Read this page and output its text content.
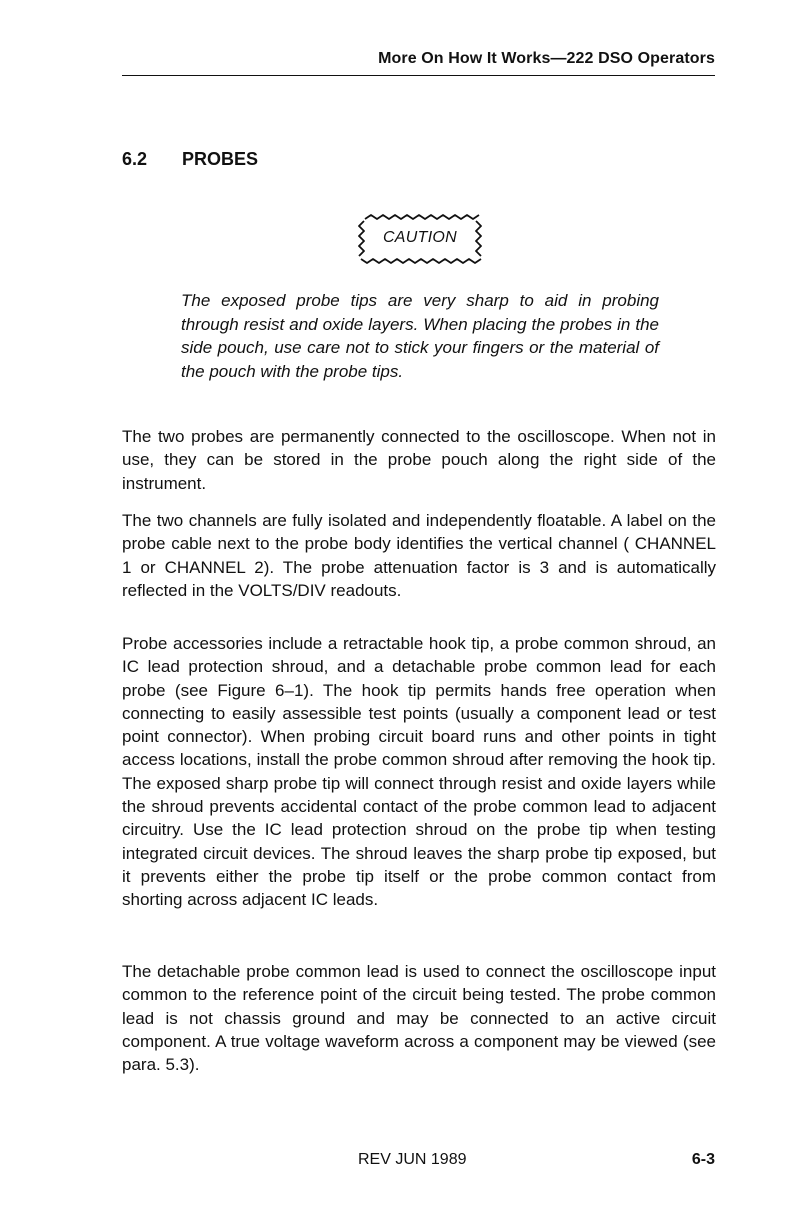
More On How It Works—222 DSO Operators
6.2 PROBES
CAUTION

The exposed probe tips are very sharp to aid in probing through resist and oxide layers. When placing the probes in the side pouch, use care not to stick your fingers or the material of the pouch with the probe tips.

The two probes are permanently connected to the oscilloscope. When not in use, they can be stored in the probe pouch along the right side of the instrument.

The two channels are fully isolated and independently floatable. A label on the probe cable next to the probe body identifies the vertical channel ( CHANNEL 1 or CHANNEL 2). The probe attenuation factor is 3 and is automatically reflected in the VOLTS/DIV readouts.

Probe accessories include a retractable hook tip, a probe common shroud, an IC lead protection shroud, and a detachable probe common lead for each probe (see Figure 6–1). The hook tip permits hands free operation when connecting to easily assessible test points (usually a component lead or test point connector). When probing circuit board runs and other points in tight access locations, install the probe common shroud after removing the hook tip. The exposed sharp probe tip will connect through resist and oxide layers while the shroud prevents accidental contact of the probe common lead to adjacent circuitry. Use the IC lead protection shroud on the probe tip when testing integrated circuit devices. The shroud leaves the sharp probe tip exposed, but it prevents either the probe tip itself or the probe common contact from shorting across adjacent IC leads.

The detachable probe common lead is used to connect the oscilloscope input common to the reference point of the circuit being tested. The probe common lead is not chassis ground and may be connected to an active circuit component. A true voltage waveform across a component may be viewed (see para. 5.3).

REV JUN 1989	6-3
